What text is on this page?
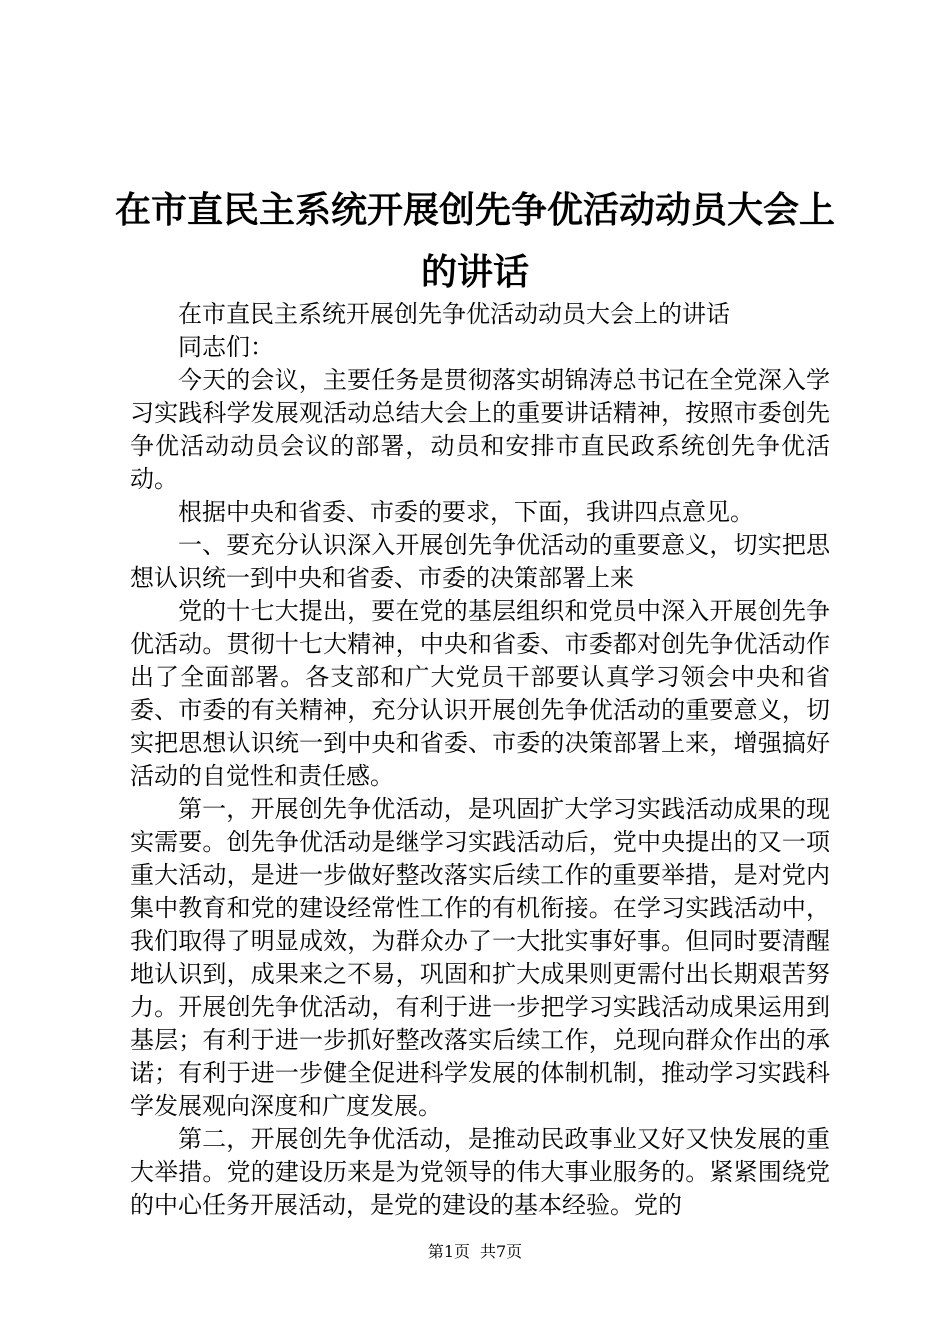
在市直民主系统开展创先争优活动动员大会上的讲话

在市直民主系统开展创先争优活动动员大会上的讲话

同志们：

今天的会议，主要任务是贯彻落实胡锦涛总书记在全党深入学习实践科学发展观活动总结大会上的重要讲话精神，按照市委创先争优活动动员会议的部署，动员和安排市直民政系统创先争优活动。

根据中央和省委、市委的要求，下面，我讲四点意见。

一、要充分认识深入开展创先争优活动的重要意义，切实把思想认识统一到中央和省委、市委的决策部署上来

党的十七大提出，要在党的基层组织和党员中深入开展创先争优活动。贯彻十七大精神，中央和省委、市委都对创先争优活动作出了全面部署。各支部和广大党员干部要认真学习领会中央和省委、市委的有关精神，充分认识开展创先争优活动的重要意义，切实把思想认识统一到中央和省委、市委的决策部署上来，增强搞好活动的自觉性和责任感。

第一，开展创先争优活动，是巩固扩大学习实践活动成果的现实需要。创先争优活动是继学习实践活动后，党中央提出的又一项重大活动，是进一步做好整改落实后续工作的重要举措，是对党内集中教育和党的建设经常性工作的有机衔接。在学习实践活动中，我们取得了明显成效，为群众办了一大批实事好事。但同时要清醒地认识到，成果来之不易，巩固和扩大成果则更需付出长期艰苦努力。开展创先争优活动，有利于进一步把学习实践活动成果运用到基层；有利于进一步抓好整改落实后续工作，兑现向群众作出的承诺；有利于进一步健全促进科学发展的体制机制，推动学习实践科学发展观向深度和广度发展。

第二，开展创先争优活动，是推动民政事业又好又快发展的重大举措。党的建设历来是为党领导的伟大事业服务的。紧紧围绕党的中心任务开展活动，是党的建设的基本经验。党的

第1页 共7页
